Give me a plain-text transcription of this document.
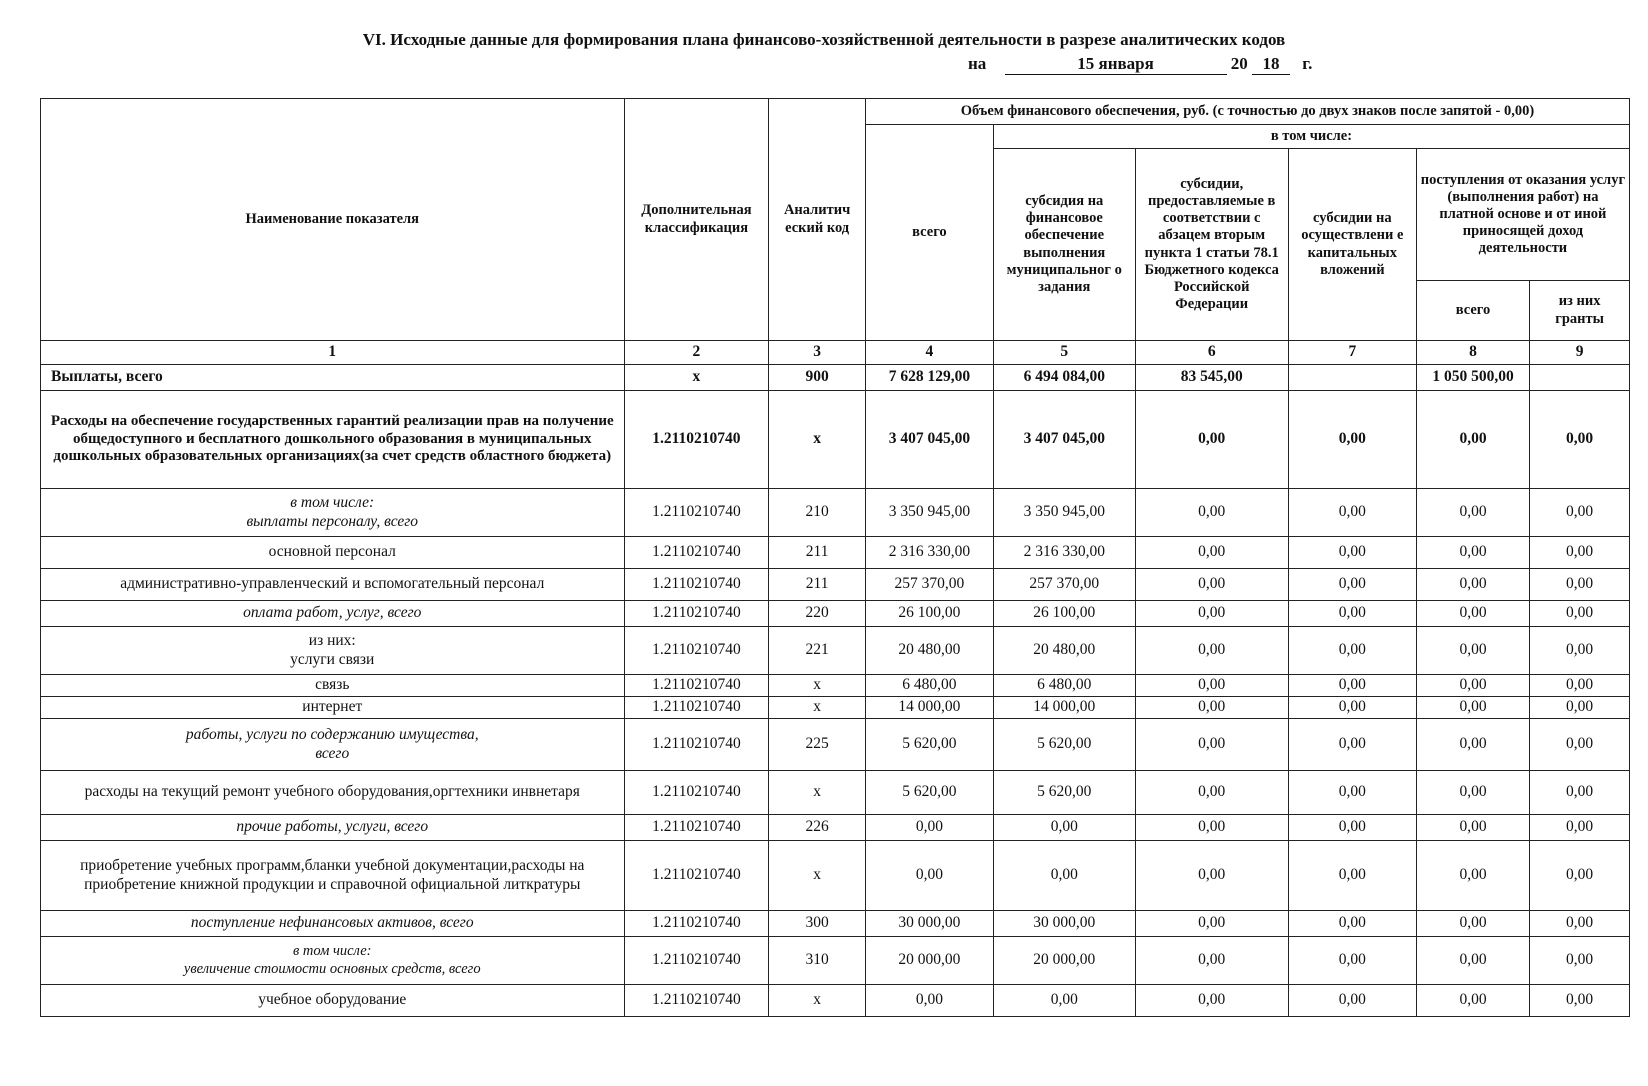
VI. Исходные данные для формирования плана финансово-хозяйственной деятельности в разрезе аналитических кодов
на	15 января	20 18 г.
Наименование показателя	Дополнительная классификация	Аналитич еский код	Объем финансового обеспечения, руб. (с точностью до двух знаков после запятой - 0,00)					
			всего	в том числе:				
				субсидия на финансовое обеспечение выполнения муниципальног о задания	субсидии, предоставляемые в соответствии с абзацем вторым пункта 1 статьи 78.1 Бюджетного кодекса Российской Федерации	субсидии на осуществлени е капитальных вложений	поступления от оказания услуг (выполнения работ) на платной основе и от иной приносящей доход деятельности	
							всего	из них гранты
1	2	3	4	5	6	7	8	9
Выплаты, всего	х	900	7 628 129,00	6 494 084,00	83 545,00		1 050 500,00	
Расходы на обеспечение государственных гарантий реализации прав на получение общедоступного и бесплатного дошкольного образования в муниципальных дошкольных образовательных организациях(за счет средств областного бюджета)	1.2110210740	х	3 407 045,00	3 407 045,00	0,00	0,00	0,00	0,00

в том числе:
выплаты персоналу, всего	1.2110210740	210	3 350 945,00	3 350 945,00	0,00	0,00	0,00	0,00
основной персонал	1.2110210740	211	2 316 330,00	2 316 330,00	0,00	0,00	0,00	0,00
административно-управленческий и вспомогательный персонал	1.2110210740	211	257 370,00	257 370,00	0,00	0,00	0,00	0,00
оплата работ, услуг, всего	1.2110210740	220	26 100,00	26 100,00	0,00	0,00	0,00	0,00

из них:
услуги связи	1.2110210740	221	20 480,00	20 480,00	0,00	0,00	0,00	0,00
связь	1.2110210740	х	6 480,00	6 480,00	0,00	0,00	0,00	0,00
интернет	1.2110210740	х	14 000,00	14 000,00	0,00	0,00	0,00	0,00

работы, услуги по содержанию имущества,
всего	1.2110210740	225	5 620,00	5 620,00	0,00	0,00	0,00	0,00
расходы на текущий ремонт учебного оборудования,оргтехники инвнетаря	1.2110210740	х	5 620,00	5 620,00	0,00	0,00	0,00	0,00
прочие работы, услуги, всего	1.2110210740	226	0,00	0,00	0,00	0,00	0,00	0,00
приобретение учебных программ,бланки учебной документации,расходы на приобретение книжной продукции и справочной официальной литкратуры	1.2110210740	х	0,00	0,00	0,00	0,00	0,00	0,00
поступление нефинансовых активов, всего	1.2110210740	300	30 000,00	30 000,00	0,00	0,00	0,00	0,00

в том числе:
увеличение стоимости основных средств, всего	1.2110210740	310	20 000,00	20 000,00	0,00	0,00	0,00	0,00
учебное оборудование	1.2110210740	х	0,00	0,00	0,00	0,00	0,00	0,00
